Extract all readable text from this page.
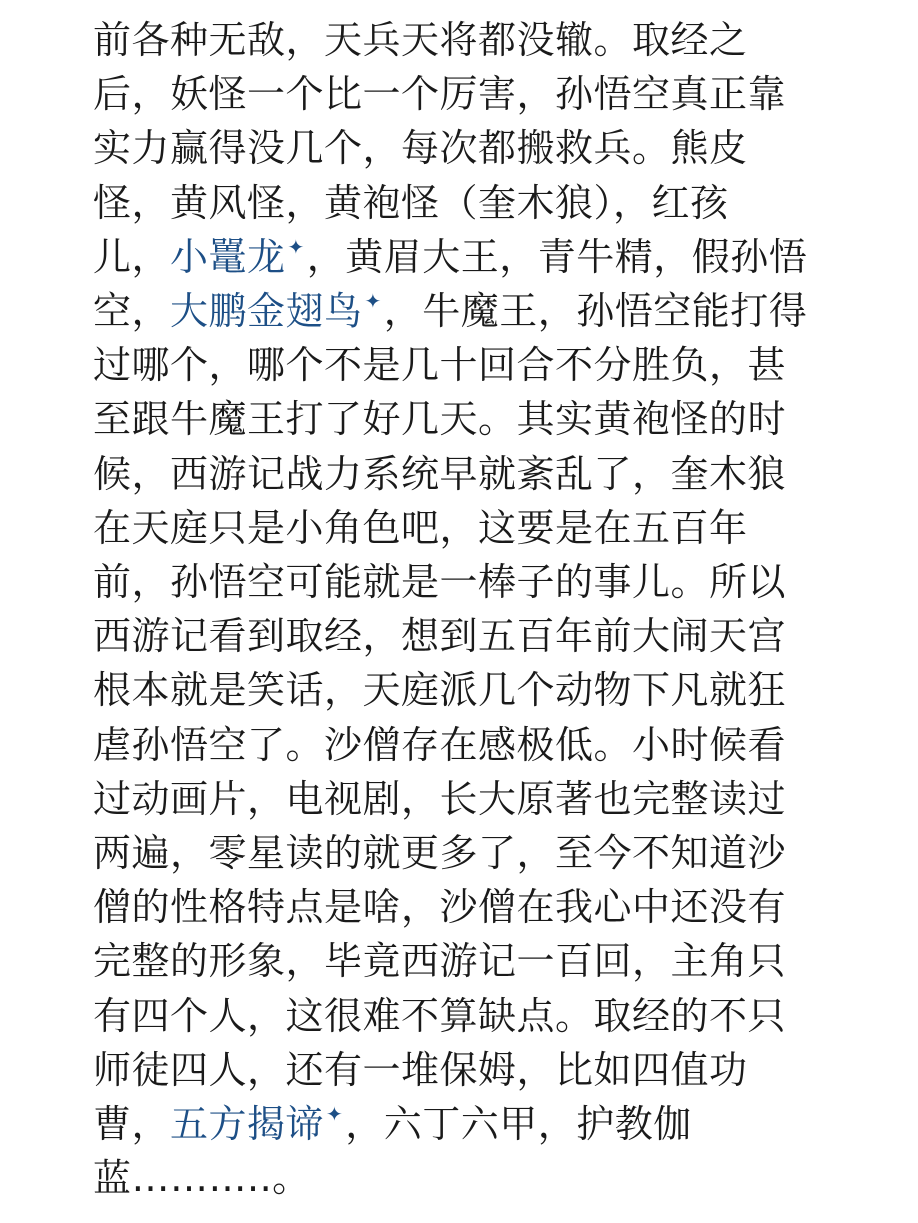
前各种无敌，天兵天将都没辙。取经之
后，妖怪一个比一个厉害，孙悟空真正靠
实力赢得没几个，每次都搬救兵。熊皮
怪，黄风怪，黄袍怪（奎木狼），红孩
儿，小鼍龙 ✦，黄眉大王，青牛精，假孙悟
空，大鹏金翅鸟 ✦，牛魔王，孙悟空能打得
过哪个，哪个不是几十回合不分胜负，甚
至跟牛魔王打了好几天。其实黄袍怪的时
候，西游记战力系统早就紊乱了，奎木狼
在天庭只是小角色吧，这要是在五百年
前，孙悟空可能就是一棒子的事儿。所以
西游记看到取经，想到五百年前大闹天宫
根本就是笑话，天庭派几个动物下凡就狂
虐孙悟空了。沙僧存在感极低。小时候看
过动画片，电视剧，长大原著也完整读过
两遍，零星读的就更多了，至今不知道沙
僧的性格特点是啥，沙僧在我心中还没有
完整的形象，毕竟西游记一百回，主角只
有四个人，这很难不算缺点。取经的不只
师徒四人，还有一堆保姆，比如四值功
曹，五方揭谛 ✦，六丁六甲，护教伽
蓝………..。
